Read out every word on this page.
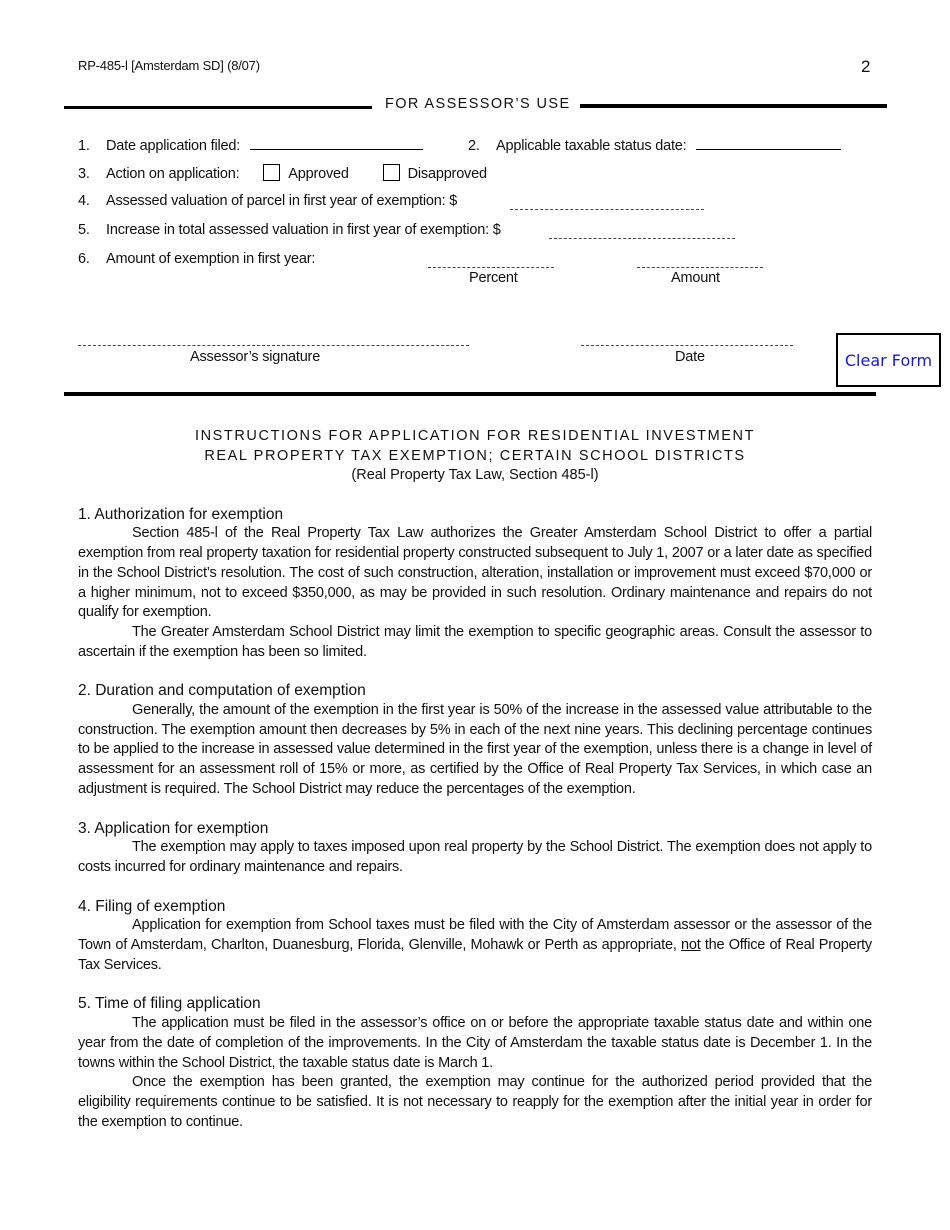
RP-485-l [Amsterdam SD] (8/07)	2
FOR ASSESSOR’S USE
1. Date application filed:	2. Applicable taxable status date:
3. Action on application:	Approved	Disapproved
4. Assessed valuation of parcel in first year of exemption: $
5. Increase in total assessed valuation in first year of exemption: $
6. Amount of exemption in first year:
Percent	Amount
Assessor’s signature	Date	Clear Form
INSTRUCTIONS FOR APPLICATION FOR RESIDENTIAL INVESTMENT
REAL PROPERTY TAX EXEMPTION; CERTAIN SCHOOL DISTRICTS
(Real Property Tax Law, Section 485-l)
1. Authorization for exemption

Section 485-l of the Real Property Tax Law authorizes the Greater Amsterdam School District to offer a partial exemption from real property taxation for residential property constructed subsequent to July 1, 2007 or a later date as specified in the School District’s resolution. The cost of such construction, alteration, installation or improvement must exceed $70,000 or a higher minimum, not to exceed $350,000, as may be provided in such resolution. Ordinary maintenance and repairs do not qualify for exemption.

The Greater Amsterdam School District may limit the exemption to specific geographic areas. Consult the assessor to ascertain if the exemption has been so limited.

2. Duration and computation of exemption

Generally, the amount of the exemption in the first year is 50% of the increase in the assessed value attributable to the construction. The exemption amount then decreases by 5% in each of the next nine years. This declining percentage continues to be applied to the increase in assessed value determined in the first year of the exemption, unless there is a change in level of assessment for an assessment roll of 15% or more, as certified by the Office of Real Property Tax Services, in which case an adjustment is required. The School District may reduce the percentages of the exemption.

3. Application for exemption

The exemption may apply to taxes imposed upon real property by the School District. The exemption does not apply to costs incurred for ordinary maintenance and repairs.

4. Filing of exemption

Application for exemption from School taxes must be filed with the City of Amsterdam assessor or the assessor of the Town of Amsterdam, Charlton, Duanesburg, Florida, Glenville, Mohawk or Perth as appropriate, not the Office of Real Property Tax Services.

5. Time of filing application

The application must be filed in the assessor’s office on or before the appropriate taxable status date and within one year from the date of completion of the improvements. In the City of Amsterdam the taxable status date is December 1. In the towns within the School District, the taxable status date is March 1.

Once the exemption has been granted, the exemption may continue for the authorized period provided that the eligibility requirements continue to be satisfied. It is not necessary to reapply for the exemption after the initial year in order for the exemption to continue.
